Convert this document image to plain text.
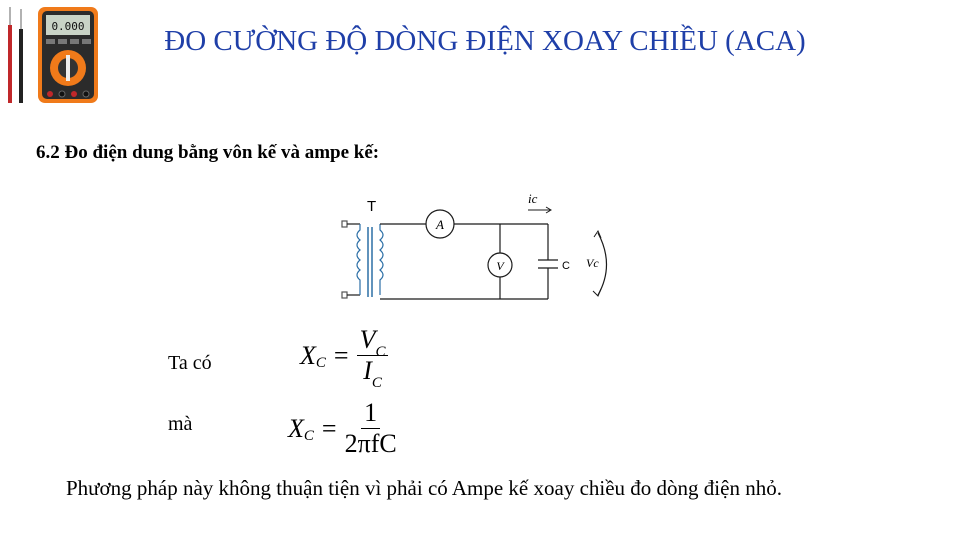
0.000	ĐO CƯỜNG ĐỘ DÒNG ĐIỆN XOAY CHIỀU (ACA)
6.2 Đo điện dung bằng vôn kế và ampe kế:
A
V
T	ic
C Vc
Ta có	X $C = \frac{V_C}{I_C}$
mà	X $C = \frac{1}{\text{2πfC}}$
Phương pháp này không thuận tiện vì phải có Ampe kế xoay chiều đo dòng điện nhỏ.
